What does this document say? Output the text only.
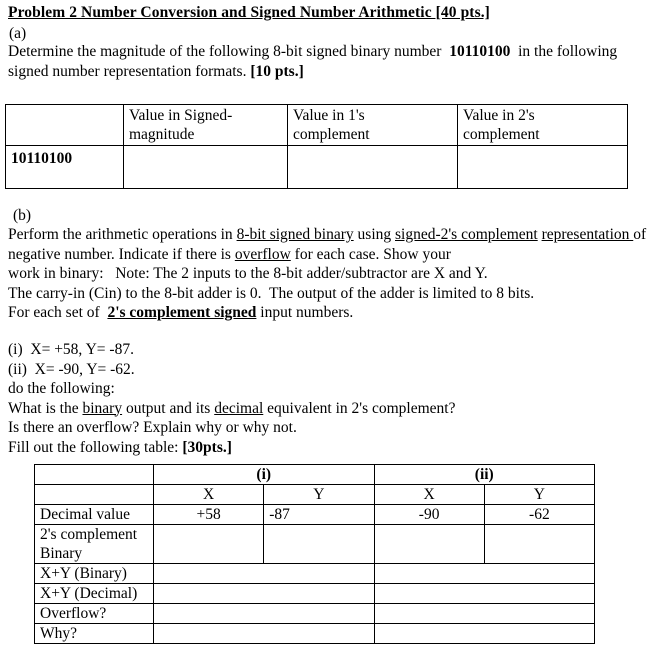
Problem 2 Number Conversion and Signed Number Arithmetic [40 pts.]
(a)
Determine the magnitude of the following 8-bit signed binary number  10110100  in the following signed number representation formats. [10 pts.]
	Value in Signed-
magnitude	Value in 1's
complement	Value in 2's
complement
10110100			
(b)
Perform the arithmetic operations in 8-bit signed binary using signed-2's complement representation of negative number. Indicate if there is overflow for each case. Show your
work in binary:   Note: The 2 inputs to the 8-bit adder/subtractor are X and Y.
The carry-in (Cin) to the 8-bit adder is 0.  The output of the adder is limited to 8 bits.
For each set of  2's complement signed input numbers.
(i)  X= +58, Y= -87.
(ii)  X= -90, Y= -62.
do the following:
What is the binary output and its decimal equivalent in 2's complement?
Is there an overflow? Explain why or why not.
Fill out the following table: [30pts.]
	(i)		(ii)	
	X	Y	X	Y
Decimal value	+58	-87	-90	-62
2's complement
Binary				
X+Y (Binary)				
X+Y (Decimal)				
Overflow?				
Why?				
